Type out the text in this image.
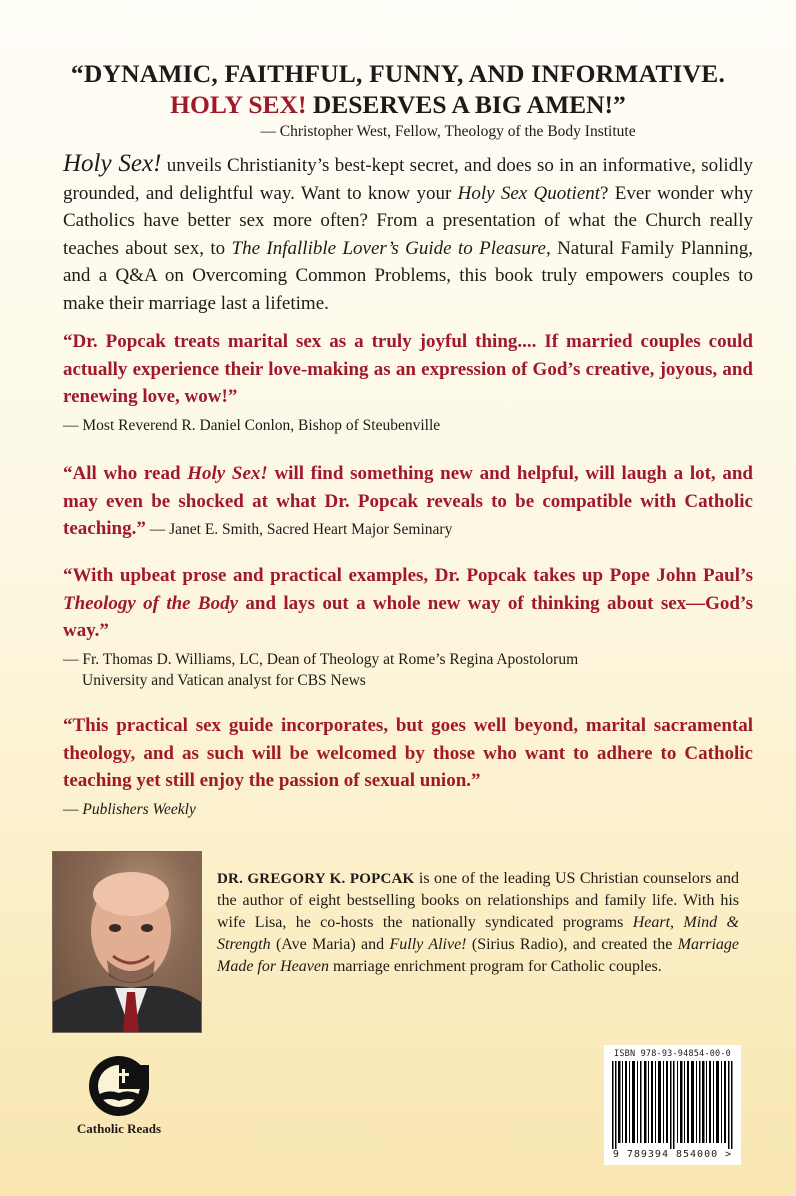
“DYNAMIC, FAITHFUL, FUNNY, AND INFORMATIVE.
HOLY SEX! DESERVES A BIG AMEN!”
— Christopher West, Fellow, Theology of the Body Institute
Holy Sex! unveils Christianity’s best-kept secret, and does so in an informative, solidly grounded, and delightful way. Want to know your Holy Sex Quotient? Ever wonder why Catholics have better sex more often? From a presentation of what the Church really teaches about sex, to The Infallible Lover’s Guide to Pleasure, Natural Family Planning, and a Q&A on Overcoming Common Problems, this book truly empowers couples to make their marriage last a lifetime.
“Dr. Popcak treats marital sex as a truly joyful thing.... If married couples could actually experience their love-making as an expression of God’s creative, joyous, and renewing love, wow!”
— Most Reverend R. Daniel Conlon, Bishop of Steubenville
“All who read Holy Sex! will find something new and helpful, will laugh a lot, and may even be shocked at what Dr. Popcak reveals to be compatible with Catholic teaching.” — Janet E. Smith, Sacred Heart Major Seminary
“With upbeat prose and practical examples, Dr. Popcak takes up Pope John Paul’s Theology of the Body and lays out a whole new way of thinking about sex—God’s way.”
— Fr. Thomas D. Williams, LC, Dean of Theology at Rome’s Regina Apostolorum
University and Vatican analyst for CBS News
“This practical sex guide incorporates, but goes well beyond, marital sacramental theology, and as such will be welcomed by those who want to adhere to Catholic teaching yet still enjoy the passion of sexual union.”
— Publishers Weekly
DR. GREGORY K. POPCAK is one of the leading US Christian counselors and the author of eight bestselling books on relationships and family life. With his wife Lisa, he co-hosts the nationally syndicated programs Heart, Mind & Strength (Ave Maria) and Fully Alive! (Sirius Radio), and created the Marriage Made for Heaven marriage enrichment program for Catholic couples.
Catholic Reads
ISBN 978-93-94854-00-0
9 789394 854000 >
